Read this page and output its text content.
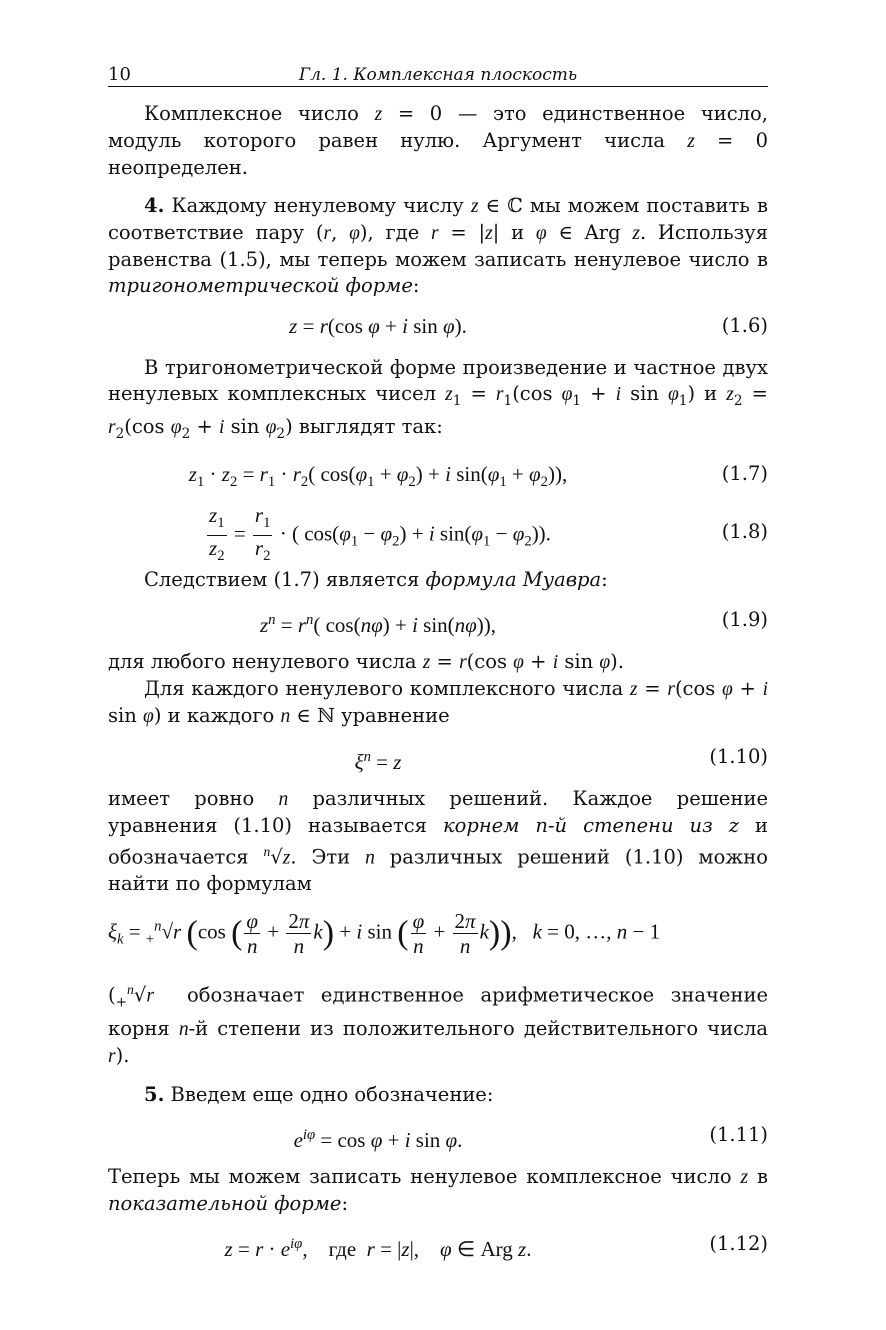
10	Гл. 1. Комплексная плоскость

Комплексное число z = 0 — это единственное число, модуль которого равен нулю. Аргумент числа z = 0 неопределен.

4. Каждому ненулевому числу z ∈ ℂ мы можем поставить в соответствие пару (r, φ), где r = |z| и φ ∈ Arg z. Используя равенства (1.5), мы теперь можем записать ненулевое число в тригонометрической форме:

z = r(cos φ + i sin φ).	(1.6)

В тригонометрической форме произведение и частное двух ненулевых комплексных чисел $z_1 = r_1(\cos$ $\varphi_1 + i$ $\sin \varphi_1$) и $z_2 = r_2(\cos$ $\varphi_2 + i$ $\sin \varphi_2$) выглядят так:

$z_1 \cdot z_2 = r_1 \cdot r_2$( $\cos(\varphi_1 + \varphi_2) + i$ $\sin(\varphi_1 + \varphi_2)$),	(1.7)
$\frac{z_1}{z_2} = \frac{r_1}{r_2}$ · ( $\cos(\varphi_1 - \varphi_2) + i$ $\sin(\varphi_1 - \varphi_2)$).	(1.8)

Следствием (1.7) является формула Муавра:

$z^n = r^n$( cos(nφ) + i sin(nφ)),	(1.9)

для любого ненулевого числа z = r(cos φ + i sin φ).

Для каждого ненулевого комплексного числа z = r(cos φ + i sin φ) и каждого n ∈ ℕ уравнение

$\xi^n = z$	(1.10)

имеет ровно n различных решений. Каждое решение уравнения (1.10) называется корнем n-й степени из z и обозначается $^n$√z. Эти n различных решений (1.10) можно найти по формулам

$\xi_k = _+^n√r$ (cos ( $\frac{\varphi}{n} + \frac{2\pi}{n} k) + i$ sin ( $\frac{\varphi}{n} + \frac{2\pi}{n} k$)),   k = 0, …, n − 1

($_+^n√r$ обозначает единственное арифметическое значение корня n-й степени из положительного действительного числа r).

5. Введем еще одно обозначение:

$e^{i\varphi} = \cos \varphi + i$ sin φ.	(1.11)

Теперь мы можем записать ненулевое комплексное число z в показательной форме:

$z = r \cdot e^{i\varphi}$,    где r = |z|,    φ ∈ Arg z.	(1.12)
